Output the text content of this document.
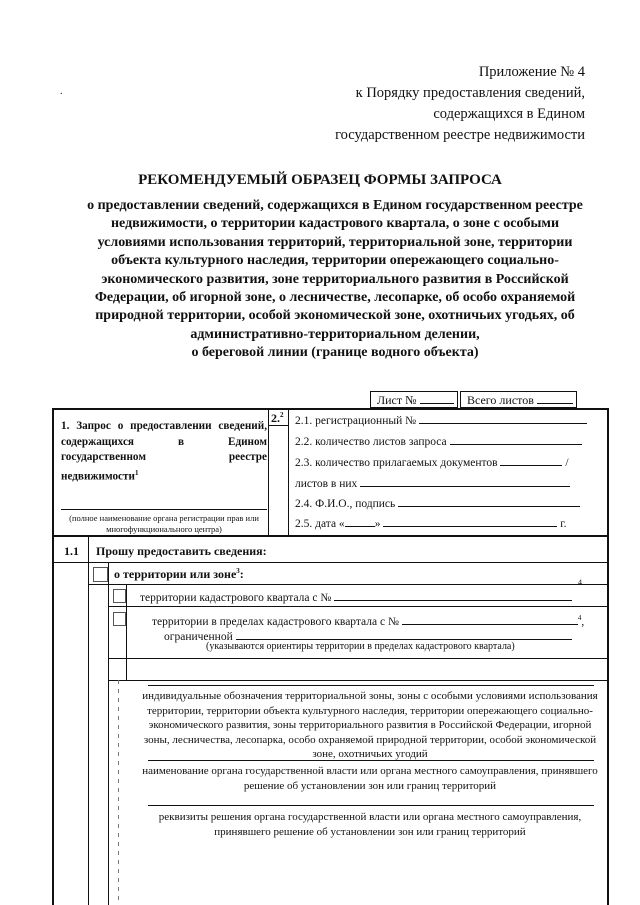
Приложение № 4
к Порядку предоставления сведений,
содержащихся в Едином
государственном реестре недвижимости
.
РЕКОМЕНДУЕМЫЙ ОБРАЗЕЦ ФОРМЫ ЗАПРОСА
о предоставлении сведений, содержащихся в Едином государственном реестре
недвижимости, о территории кадастрового квартала, о зоне с особыми
условиями использования территорий, территориальной зоне, территории
объекта культурного наследия, территории опережающего социально-
экономического развития, зоне территориального развития в Российской
Федерации, об игорной зоне, о лесничестве, лесопарке, об особо охраняемой
природной территории, особой экономической зоне, охотничьих угодьях, об
административно-территориальном делении,
о береговой линии (границе водного объекта)
Лист №	Всего листов
1. Запрос о предоставлении сведений, содержащихся в Едином государственном реестре недвижимости$^1$
(полное наименование органа регистрации прав или многофункционального центра)
2.$^2$ 2.1. регистрационный №
2.2. количество листов запроса
2.3. количество прилагаемых документов	/
листов в них
2.4. Ф.И.О., подпись
2.5. дата «	»	г.
1.1 Прошу предоставить сведения:
о территории или зоне$^3$:
территории кадастрового квартала с №
4
территории в пределах кадастрового квартала с №	$^4$,
ограниченной
(указываются ориентиры территории в пределах кадастрового квартала)
индивидуальные обозначения территориальной зоны, зоны с особыми условиями использования территории, территории объекта культурного наследия, территории опережающего социально-экономического развития, зоны территориального развития в Российской Федерации, игорной зоны, лесничества, лесопарка, особо охраняемой природной территории, особой экономической зоне, охотничьих угодий
наименование органа государственной власти или органа местного самоуправления, принявшего решение об установлении зон или границ территорий
реквизиты решения органа государственной власти или органа местного самоуправления, принявшего решение об установлении зон или границ территорий
